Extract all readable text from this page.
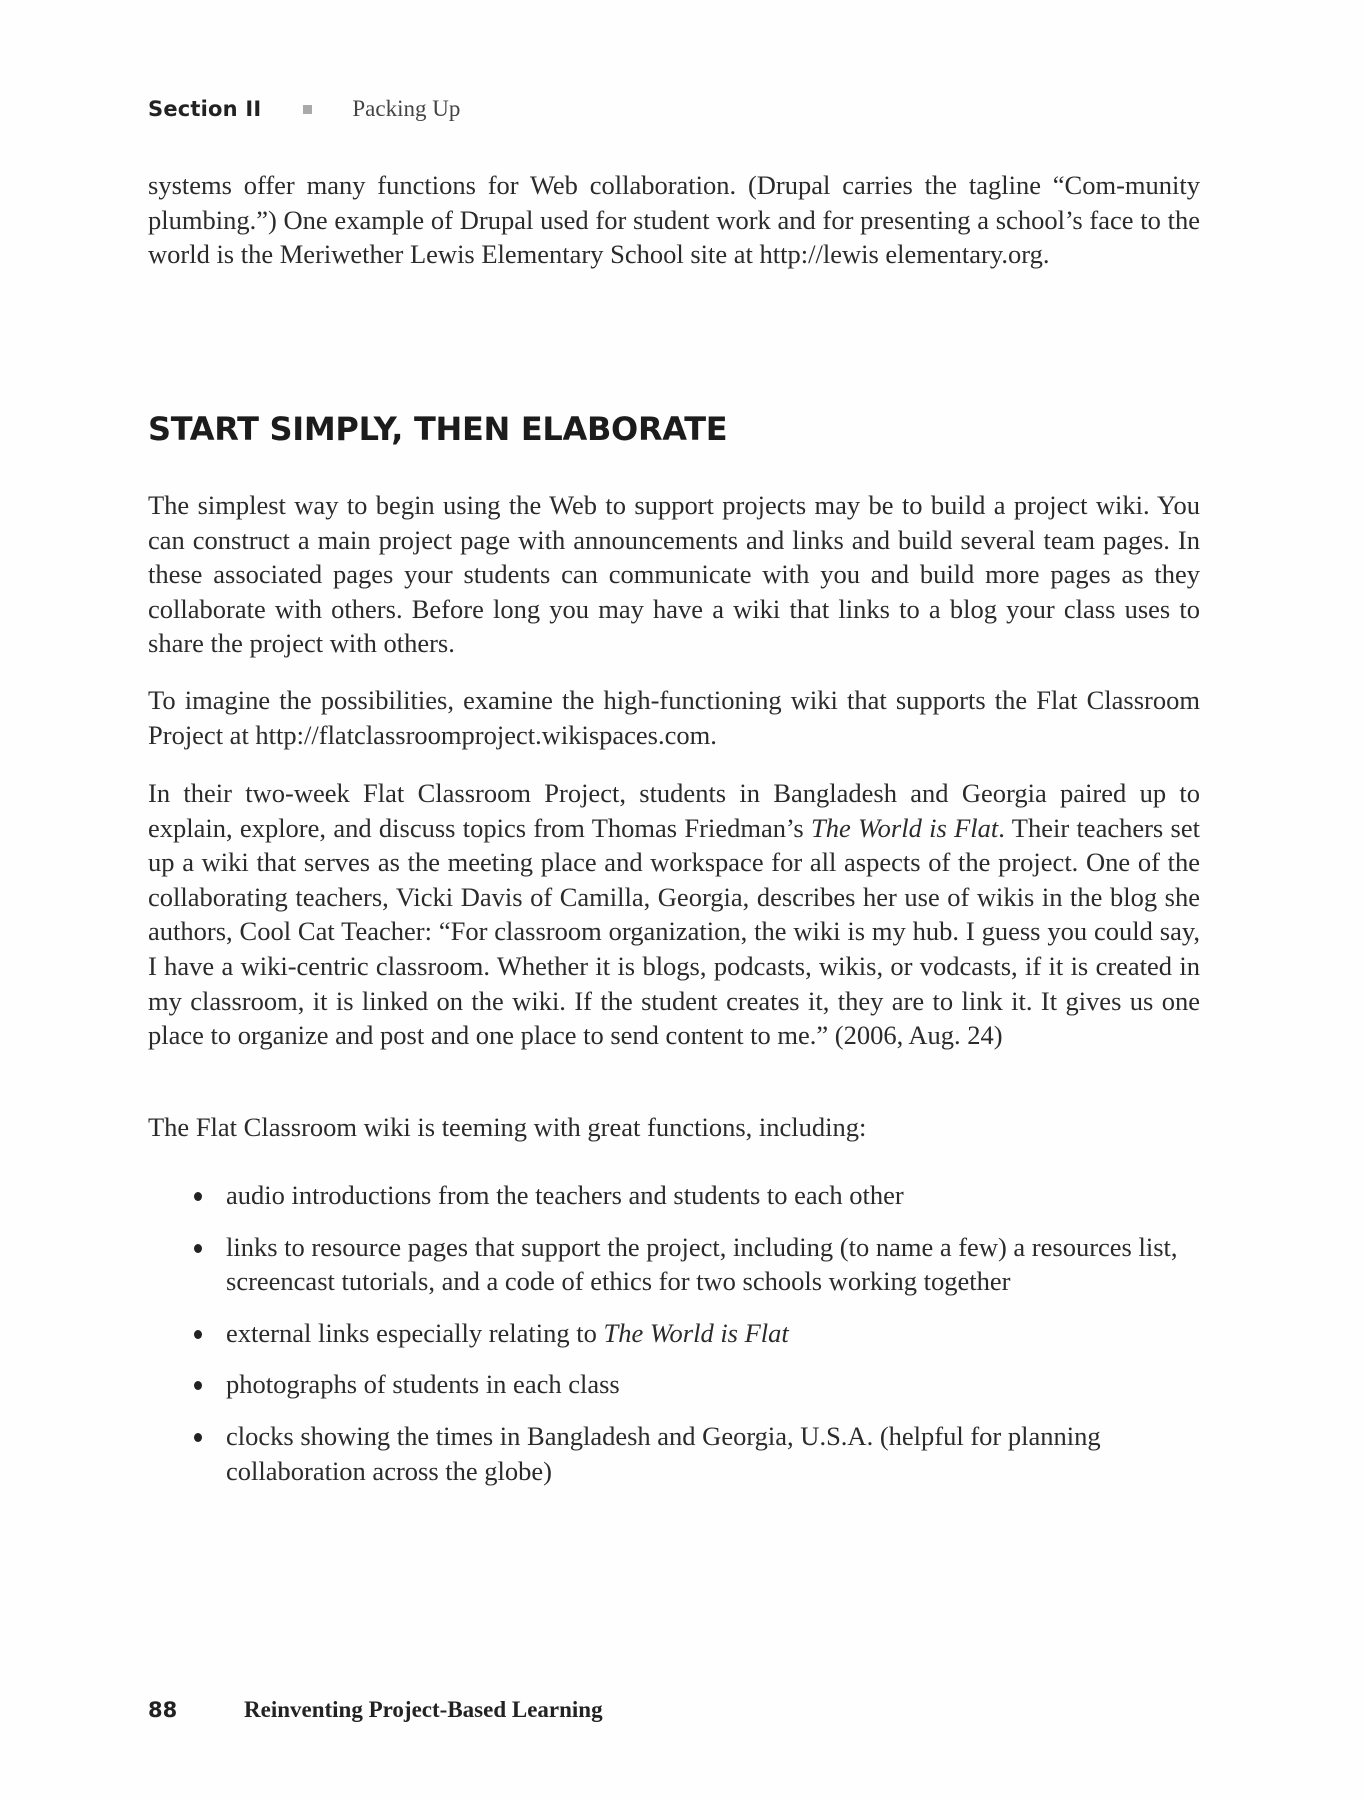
Section II	Packing Up

systems offer many functions for Web collaboration. (Drupal carries the tagline “Com-munity plumbing.”) One example of Drupal used for student work and for presenting a school’s face to the world is the Meriwether Lewis Elementary School site at http://lewis elementary.org.

START SIMPLY, THEN ELABORATE

The simplest way to begin using the Web to support projects may be to build a project wiki. You can construct a main project page with announcements and links and build several team pages. In these associated pages your students can communicate with you and build more pages as they collaborate with others. Before long you may have a wiki that links to a blog your class uses to share the project with others.

To imagine the possibilities, examine the high-functioning wiki that supports the Flat Classroom Project at http://flatclassroomproject.wikispaces.com.

In their two-week Flat Classroom Project, students in Bangladesh and Georgia paired up to explain, explore, and discuss topics from Thomas Friedman’s The World is Flat. Their teachers set up a wiki that serves as the meeting place and workspace for all aspects of the project. One of the collaborating teachers, Vicki Davis of Camilla, Georgia, describes her use of wikis in the blog she authors, Cool Cat Teacher: “For classroom organization, the wiki is my hub. I guess you could say, I have a wiki-centric classroom. Whether it is blogs, podcasts, wikis, or vodcasts, if it is created in my classroom, it is linked on the wiki. If the student creates it, they are to link it. It gives us one place to organize and post and one place to send content to me.” (2006, Aug. 24)

The Flat Classroom wiki is teeming with great functions, including:

audio introductions from the teachers and students to each other
links to resource pages that support the project, including (to name a few) a resources list, screencast tutorials, and a code of ethics for two schools working together
external links especially relating to The World is Flat
photographs of students in each class
clocks showing the times in Bangladesh and Georgia, U.S.A. (helpful for planning collaboration across the globe)
88	Reinventing Project-Based Learning
